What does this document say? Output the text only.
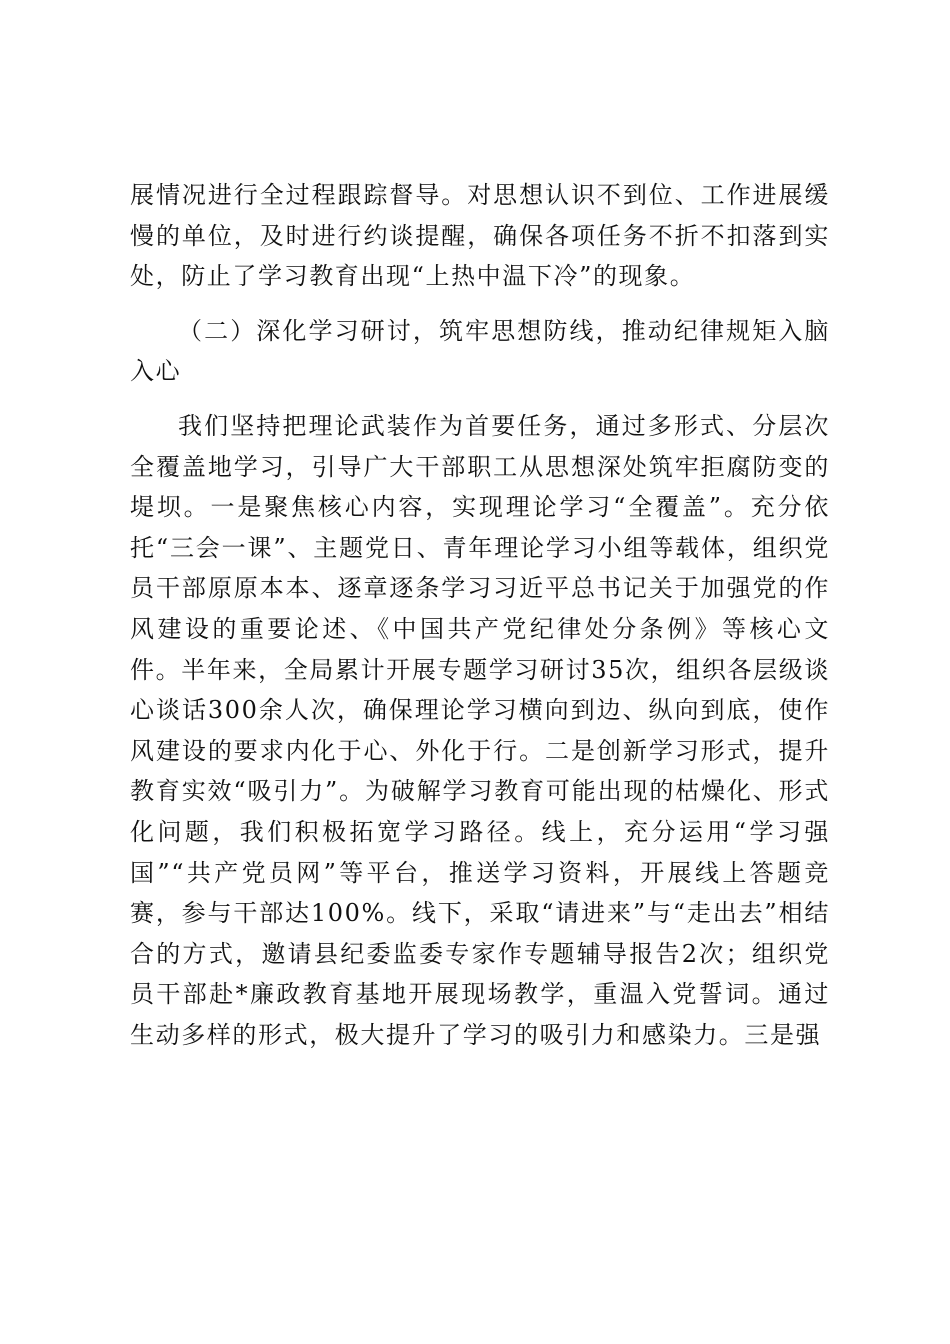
展情况进行全过程跟踪督导。对思想认识不到位、工作进展缓慢的单位，及时进行约谈提醒，确保各项任务不折不扣落到实处，防止了学习教育出现“上热中温下冷”的现象。

（二）深化学习研讨，筑牢思想防线，推动纪律规矩入脑入心

我们坚持把理论武装作为首要任务，通过多形式、分层次全覆盖地学习，引导广大干部职工从思想深处筑牢拒腐防变的堤坝。一是聚焦核心内容，实现理论学习“全覆盖”。充分依托“三会一课”、主题党日、青年理论学习小组等载体，组织党员干部原原本本、逐章逐条学习习近平总书记关于加强党的作风建设的重要论述、《中国共产党纪律处分条例》等核心文件。半年来，全局累计开展专题学习研讨35次，组织各层级谈心谈话300余人次，确保理论学习横向到边、纵向到底，使作风建设的要求内化于心、外化于行。二是创新学习形式，提升教育实效“吸引力”。为破解学习教育可能出现的枯燥化、形式化问题，我们积极拓宽学习路径。线上，充分运用“学习强国”“共产党员网”等平台，推送学习资料，开展线上答题竞赛，参与干部达100%。线下，采取“请进来”与“走出去”相结合的方式，邀请县纪委监委专家作专题辅导报告2次；组织党员干部赴*廉政教育基地开展现场教学，重温入党誓词。通过生动多样的形式，极大提升了学习的吸引力和感染力。三是强
